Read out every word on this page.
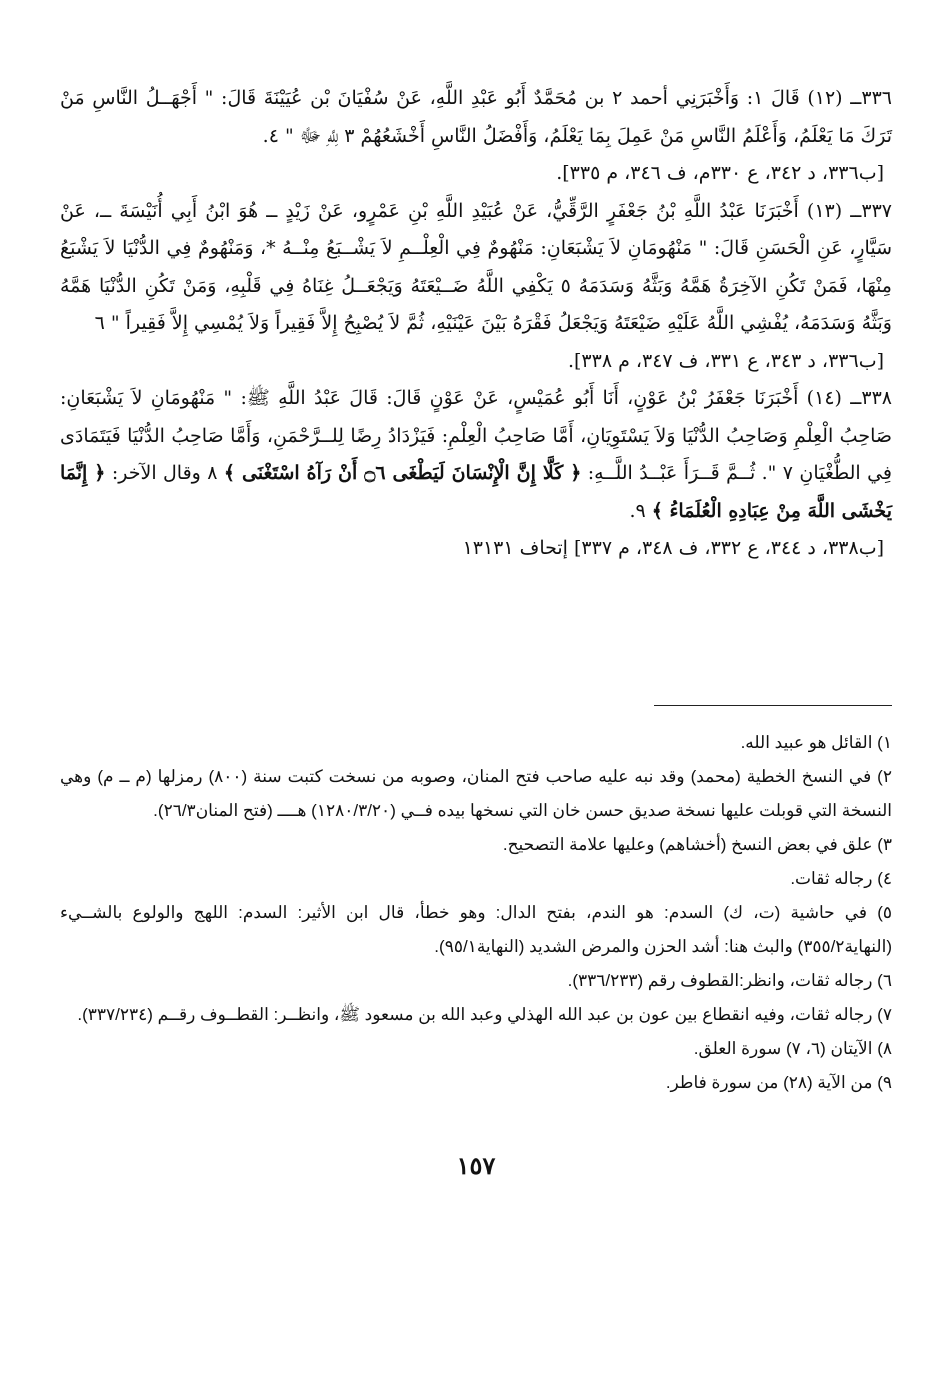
٣٣٦ــ (١٢) قَالَ ١: وَأَخْبَرَنِي أحمد ٢ بن مُحَمَّدٌ أَبُو عَبْدِ اللَّهِ، عَنْ سُفْيَانَ بْن عُيَيْنَةَ قَالَ: " أَجْهَــلُ النَّاسِ مَنْ تَرَكَ مَا يَعْلَمُ، وَأَعْلَمُ النَّاسِ مَنْ عَمِلَ بِمَا يَعْلَمُ، وَأَفْضَلُ النَّاسِ أَخْشَعُهُمْ ٣ لِلَّهِ ﷻ " ٤.

[ب٣٣٦، د ٣٤٢، ع ٣٣٠م، ف ٣٤٦، م ٣٣٥].

٣٣٧ــ (١٣) أَخْبَرَنَا عَبْدُ اللَّهِ بْنُ جَعْفَرٍ الرَّقِّيُّ، عَنْ عُبَيْدِ اللَّهِ بْنِ عَمْرٍو، عَنْ زَيْدٍ ــ هُوَ ابْنُ أَبِي أُنَيْسَةَ ــ، عَنْ سَيَّارٍ، عَنِ الْحَسَنِ قَالَ: " مَنْهُومَانِ لاَ يَشْبَعَانِ: مَنْهُومٌ فِي الْعِلْــمِ لاَ يَشْــبَعُ مِنْــهُ *، وَمَنْهُومٌ فِي الدُّنْيَا لاَ يَشْبَعُ مِنْهَا، فَمَنْ تَكُنِ الآخِرَةُ هَمَّهُ وَبَثَّهُ وَسَدَمَهُ ٥ يَكْفِي اللَّهُ ضَــيْعَتَهُ وَيَجْعَــلُ غِنَاهُ فِي قَلْبِهِ، وَمَنْ تَكُنِ الدُّنْيَا هَمَّهُ وَبَثَّهُ وَسَدَمَهُ، يُفْشِي اللَّهُ عَلَيْهِ ضَيْعَتَهُ وَيَجْعَلُ فَقْرَهُ بَيْنَ عَيْنَيْهِ، ثُمَّ لاَ يُصْبِحُ إِلاَّ فَقِيراً وَلاَ يُمْسِي إِلاَّ فَقِيراً " ٦

[ب٣٣٦، د ٣٤٣، ع ٣٣١، ف ٣٤٧، م ٣٣٨].

٣٣٨ــ (١٤) أَخْبَرَنَا جَعْفَرُ بْنُ عَوْنٍ، أَنَا أَبُو عُمَيْسٍ، عَنْ عَوْنٍ قَالَ: قَالَ عَبْدُ اللَّهِ ﷺ: " مَنْهُومَانِ لاَ يَشْبَعَانِ: صَاحِبُ الْعِلْمِ وَصَاحِبُ الدُّنْيَا وَلاَ يَسْتَوِيَانِ، أَمَّا صَاحِبُ الْعِلْمِ: فَيَزْدَادُ رِضًا لِلــرَّحْمَنِ، وَأَمَّا صَاحِبُ الدُّنْيَا فَيَتَمَادَى فِي الطُّغْيَانِ ٧ ". ثُــمَّ قَــرَأَ عَبْــدُ اللَّــهِ: ﴿ كَلَّا إِنَّ الْإِنْسَانَ لَيَطْغَى ۝٦ أَنْ رَآهُ اسْتَغْنَى ﴾ ٨ وقال الآخر: ﴿ إِنَّمَا يَخْشَى اللَّهَ مِنْ عِبَادِهِ الْعُلَمَاءُ ﴾ ٩.

[ب٣٣٨، د ٣٤٤، ع ٣٣٢، ف ٣٤٨، م ٣٣٧] إتحاف ١٣١٣١

١) القائل هو عبيد الله.

٢) في النسخ الخطية (محمد) وقد نبه عليه صاحب فتح المنان، وصوبه من نسخت كتبت سنة (٨٠٠) رمزلها (م ــ م) وهي النسخة التي قوبلت عليها نسخة صديق حسن خان التي نسخها بيده فــي (١٢٨٠/٣/٢٠) هــــ (فتح المنان٢٦/٣).

٣) علق في بعض النسخ (أخشاهم) وعليها علامة التصحيح.

٤) رجاله ثقات.

٥) في حاشية (ت، ك) السدم: هو الندم، بفتح الدال: وهو خطأ، قال ابن الأثير: السدم: اللهج والولوع بالشــيء (النهاية٣٥٥/٢) والبث هنا: أشد الحزن والمرض الشديد (النهاية٩٥/١).

٦) رجاله ثقات، وانظر:القطوف رقم (٣٣٦/٢٣٣).

٧) رجاله ثقات، وفيه انقطاع بين عون بن عبد الله الهذلي وعبد الله بن مسعود ﷺ، وانظــر: القطــوف رقــم (٣٣٧/٢٣٤).

٨) الآيتان (٦، ٧) سورة العلق.

٩) من الآية (٢٨) من سورة فاطر.

١٥٧
